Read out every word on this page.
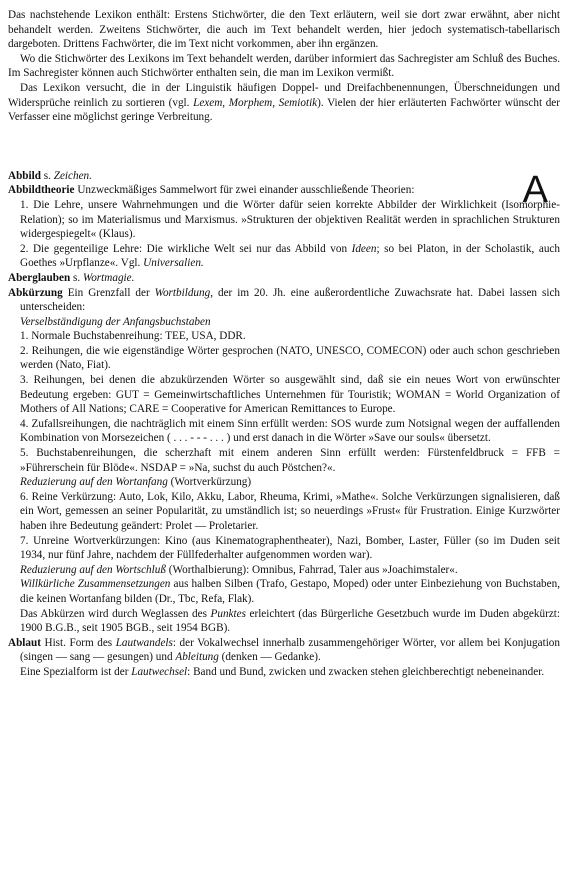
Das nachstehende Lexikon enthält: Erstens Stichwörter, die den Text erläutern, weil sie dort zwar erwähnt, aber nicht behandelt werden. Zweitens Stichwörter, die auch im Text behandelt werden, hier jedoch systematisch-tabellarisch dargeboten. Drittens Fachwörter, die im Text nicht vorkommen, aber ihn ergänzen.

Wo die Stichwörter des Lexikons im Text behandelt werden, darüber informiert das Sachregister am Schluß des Buches. Im Sachregister können auch Stichwörter enthalten sein, die man im Lexikon vermißt.

Das Lexikon versucht, die in der Linguistik häufigen Doppel- und Dreifachbenennungen, Überschneidungen und Widersprüche reinlich zu sortieren (vgl. Lexem, Morphem, Semiotik). Vielen der hier erläuterten Fachwörter wünscht der Verfasser eine möglichst geringe Verbreitung.

A

Abbild s. Zeichen.

Abbildtheorie Unzweckmäßiges Sammelwort für zwei einander ausschließende Theorien:

1. Die Lehre, unsere Wahrnehmungen und die Wörter dafür seien korrekte Abbilder der Wirklichkeit (Isomorphie-Relation); so im Materialismus und Marxismus. »Strukturen der objektiven Realität werden in sprachlichen Strukturen widergespiegelt« (Klaus).

2. Die gegenteilige Lehre: Die wirkliche Welt sei nur das Abbild von Ideen; so bei Platon, in der Scholastik, auch Goethes »Urpflanze«. Vgl. Universalien.

Aberglauben s. Wortmagie.

Abkürzung Ein Grenzfall der Wortbildung, der im 20. Jh. eine außerordentliche Zuwachsrate hat. Dabei lassen sich unterscheiden:

Verselbständigung der Anfangsbuchstaben

1. Normale Buchstabenreihung: TEE, USA, DDR.

2. Reihungen, die wie eigenständige Wörter gesprochen (NATO, UNESCO, COMECON) oder auch schon geschrieben werden (Nato, Fiat).

3. Reihungen, bei denen die abzukürzenden Wörter so ausgewählt sind, daß sie ein neues Wort von erwünschter Bedeutung ergeben: GUT = Gemeinwirtschaftliches Unternehmen für Touristik; WOMAN = World Organization of Mothers of All Nations; CARE = Cooperative for American Remittances to Europe.

4. Zufallsreihungen, die nachträglich mit einem Sinn erfüllt werden: SOS wurde zum Notsignal wegen der auffallenden Kombination von Morsezeichen ( . . . - - - . . . ) und erst danach in die Wörter »Save our souls« übersetzt.

5. Buchstabenreihungen, die scherzhaft mit einem anderen Sinn erfüllt werden: Fürstenfeldbruck = FFB = »Führerschein für Blöde«. NSDAP = »Na, suchst du auch Pöstchen?«.

Reduzierung auf den Wortanfang (Wortverkürzung)

6. Reine Verkürzung: Auto, Lok, Kilo, Akku, Labor, Rheuma, Krimi, »Mathe«. Solche Verkürzungen signalisieren, daß ein Wort, gemessen an seiner Popularität, zu umständlich ist; so neuerdings »Frust« für Frustration. Einige Kurzwörter haben ihre Bedeutung geändert: Prolet — Proletarier.

7. Unreine Wortverkürzungen: Kino (aus Kinematographentheater), Nazi, Bomber, Laster, Füller (so im Duden seit 1934, nur fünf Jahre, nachdem der Füllfederhalter aufgenommen worden war).

Reduzierung auf den Wortschluß (Worthalbierung): Omnibus, Fahrrad, Taler aus »Joachimstaler«.

Willkürliche Zusammensetzungen aus halben Silben (Trafo, Gestapo, Moped) oder unter Einbeziehung von Buchstaben, die keinen Wortanfang bilden (Dr., Tbc, Refa, Flak).

Das Abkürzen wird durch Weglassen des Punktes erleichtert (das Bürgerliche Gesetzbuch wurde im Duden abgekürzt: 1900 B.G.B., seit 1905 BGB., seit 1954 BGB).

Ablaut Hist. Form des Lautwandels: der Vokalwechsel innerhalb zusammengehöriger Wörter, vor allem bei Konjugation (singen — sang — gesungen) und Ableitung (denken — Gedanke).

Eine Spezialform ist der Lautwechsel: Band und Bund, zwicken und zwacken stehen gleichberechtigt nebeneinander.
